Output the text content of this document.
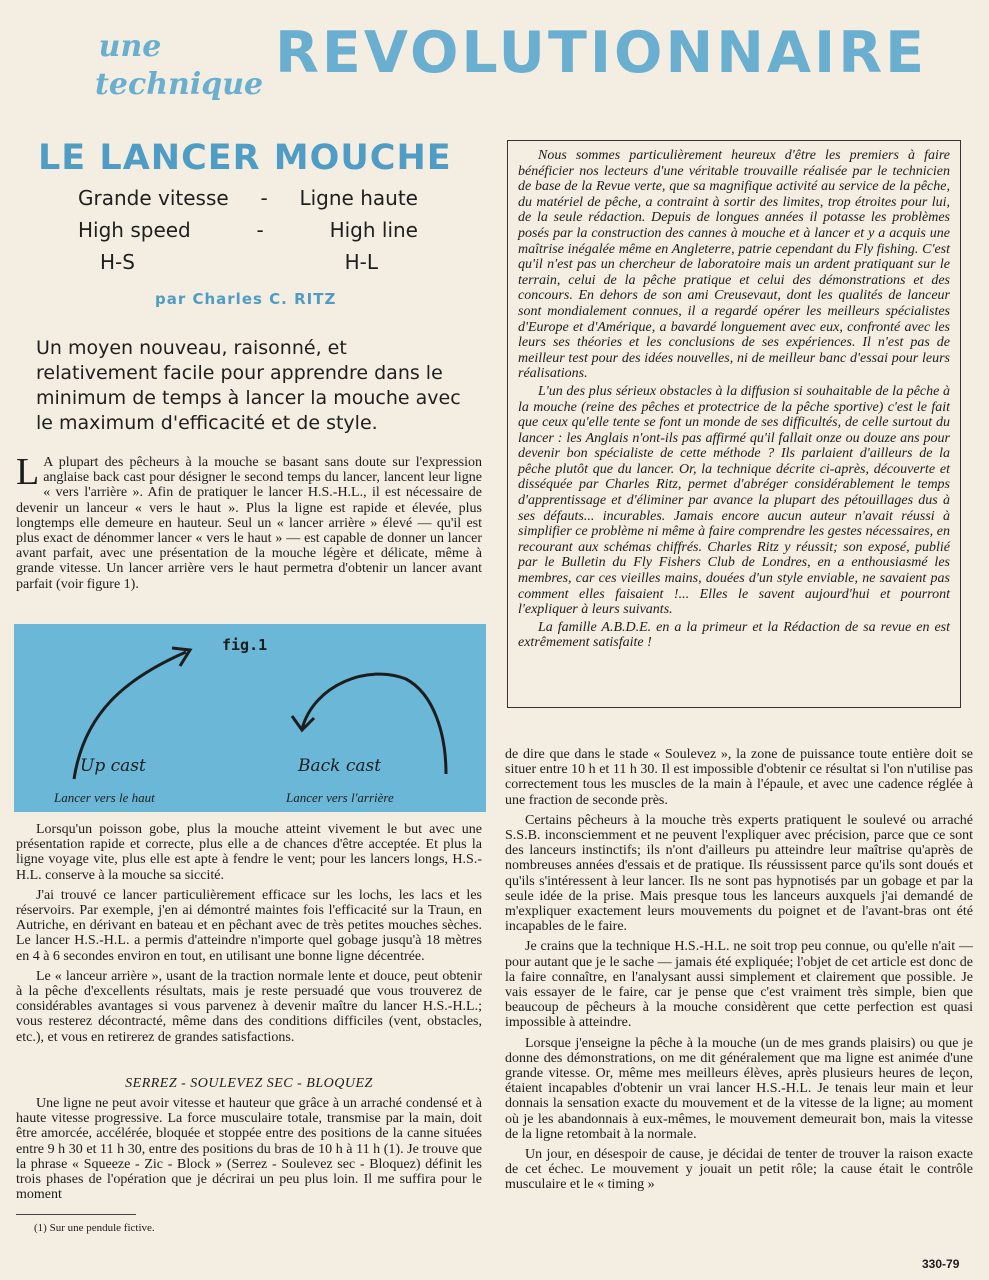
une
technique REVOLUTIONNAIRE
LE LANCER MOUCHE
Grande vitesse - Ligne haute
High speed	-	High line
H-S	H-L
par Charles C. RITZ
Un moyen nouveau, raisonné, et relativement facile pour apprendre dans le minimum de temps à lancer la mouche avec le maximum d'efficacité et de style.

L A plupart des pêcheurs à la mouche se basant sans doute sur l'expression anglaise back cast pour désigner le second temps du lancer, lancent leur ligne « vers l'arrière ». Afin de pratiquer le lancer H.S.-H.L., il est nécessaire de devenir un lanceur « vers le haut ». Plus la ligne est rapide et élevée, plus longtemps elle demeure en hauteur. Seul un « lancer arrière » élevé — qu'il est plus exact de dénommer lancer « vers le haut » — est capable de donner un lancer avant parfait, avec une présentation de la mouche légère et délicate, même à grande vitesse. Un lancer arrière vers le haut permetra d'obtenir un lancer avant parfait (voir figure 1).

fig.1
Up cast
Lancer vers le haut
Back cast
Lancer vers l'arrière

Lorsqu'un poisson gobe, plus la mouche atteint vivement le but avec une présentation rapide et correcte, plus elle a de chances d'être acceptée. Et plus la ligne voyage vite, plus elle est apte à fendre le vent; pour les lancers longs, H.S.-H.L. conserve à la mouche sa siccité.

J'ai trouvé ce lancer particulièrement efficace sur les lochs, les lacs et les réservoirs. Par exemple, j'en ai démontré maintes fois l'efficacité sur la Traun, en Autriche, en dérivant en bateau et en pêchant avec de très petites mouches sèches. Le lancer H.S.-H.L. a permis d'atteindre n'importe quel gobage jusqu'à 18 mètres en 4 à 6 secondes environ en tout, en utilisant une bonne ligne décentrée.

Le « lanceur arrière », usant de la traction normale lente et douce, peut obtenir à la pêche d'excellents résultats, mais je reste persuadé que vous trouverez de considérables avantages si vous parvenez à devenir maître du lancer H.S.-H.L.; vous resterez décontracté, même dans des conditions difficiles (vent, obstacles, etc.), et vous en retirerez de grandes satisfactions.

SERREZ - SOULEVEZ SEC - BLOQUEZ

Une ligne ne peut avoir vitesse et hauteur que grâce à un arraché condensé et à haute vitesse progressive. La force musculaire totale, transmise par la main, doit être amorcée, accélérée, bloquée et stoppée entre des positions de la canne situées entre 9 h 30 et 11 h 30, entre des positions du bras de 10 h à 11 h (1). Je trouve que la phrase « Squeeze - Zic - Block » (Serrez - Soulevez sec - Bloquez) définit les trois phases de l'opération que je décrirai un peu plus loin. Il me suffira pour le moment

(1) Sur une pendule fictive.

Nous sommes particulièrement heureux d'être les premiers à faire bénéficier nos lecteurs d'une véritable trouvaille réalisée par le technicien de base de la Revue verte, que sa magnifique activité au service de la pêche, du matériel de pêche, a contraint à sortir des limites, trop étroites pour lui, de la seule rédaction. Depuis de longues années il potasse les problèmes posés par la construction des cannes à mouche et à lancer et y a acquis une maîtrise inégalée même en Angleterre, patrie cependant du Fly fishing. C'est qu'il n'est pas un chercheur de laboratoire mais un ardent pratiquant sur le terrain, celui de la pêche pratique et celui des démonstrations et des concours. En dehors de son ami Creusevaut, dont les qualités de lanceur sont mondialement connues, il a regardé opérer les meilleurs spécialistes d'Europe et d'Amérique, a bavardé longuement avec eux, confronté avec les leurs ses théories et les conclusions de ses expériences. Il n'est pas de meilleur test pour des idées nouvelles, ni de meilleur banc d'essai pour leurs réalisations.

L'un des plus sérieux obstacles à la diffusion si souhaitable de la pêche à la mouche (reine des pêches et protectrice de la pêche sportive) c'est le fait que ceux qu'elle tente se font un monde de ses difficultés, de celle surtout du lancer : les Anglais n'ont-ils pas affirmé qu'il fallait onze ou douze ans pour devenir bon spécialiste de cette méthode ? Ils parlaient d'ailleurs de la pêche plutôt que du lancer. Or, la technique décrite ci-après, découverte et disséquée par Charles Ritz, permet d'abréger considérablement le temps d'apprentissage et d'éliminer par avance la plupart des pétouillages dus à ses défauts... incurables. Jamais encore aucun auteur n'avait réussi à simplifier ce problème ni même à faire comprendre les gestes nécessaires, en recourant aux schémas chiffrés. Charles Ritz y réussit; son exposé, publié par le Bulletin du Fly Fishers Club de Londres, en a enthousiasmé les membres, car ces vieilles mains, douées d'un style enviable, ne savaient pas comment elles faisaient !... Elles le savent aujourd'hui et pourront l'expliquer à leurs suivants.

La famille A.B.D.E. en a la primeur et la Rédaction de sa revue en est extrêmement satisfaite !

de dire que dans le stade « Soulevez », la zone de puissance toute entière doit se situer entre 10 h et 11 h 30. Il est impossible d'obtenir ce résultat si l'on n'utilise pas correctement tous les muscles de la main à l'épaule, et avec une cadence réglée à une fraction de seconde près.

Certains pêcheurs à la mouche très experts pratiquent le soulevé ou arraché S.S.B. inconsciemment et ne peuvent l'expliquer avec précision, parce que ce sont des lanceurs instinctifs; ils n'ont d'ailleurs pu atteindre leur maîtrise qu'après de nombreuses années d'essais et de pratique. Ils réussissent parce qu'ils sont doués et qu'ils s'intéressent à leur lancer. Ils ne sont pas hypnotisés par un gobage et par la seule idée de la prise. Mais presque tous les lanceurs auxquels j'ai demandé de m'expliquer exactement leurs mouvements du poignet et de l'avant-bras ont été incapables de le faire.

Je crains que la technique H.S.-H.L. ne soit trop peu connue, ou qu'elle n'ait — pour autant que je le sache — jamais été expliquée; l'objet de cet article est donc de la faire connaître, en l'analysant aussi simplement et clairement que possible. Je vais essayer de le faire, car je pense que c'est vraiment très simple, bien que beaucoup de pêcheurs à la mouche considèrent que cette perfection est quasi impossible à atteindre.

Lorsque j'enseigne la pêche à la mouche (un de mes grands plaisirs) ou que je donne des démonstrations, on me dit généralement que ma ligne est animée d'une grande vitesse. Or, même mes meilleurs élèves, après plusieurs heures de leçon, étaient incapables d'obtenir un vrai lancer H.S.-H.L. Je tenais leur main et leur donnais la sensation exacte du mouvement et de la vitesse de la ligne; au moment où je les abandonnais à eux-mêmes, le mouvement demeurait bon, mais la vitesse de la ligne retombait à la normale.

Un jour, en désespoir de cause, je décidai de tenter de trouver la raison exacte de cet échec. Le mouvement y jouait un petit rôle; la cause était le contrôle musculaire et le « timing »

330-79
